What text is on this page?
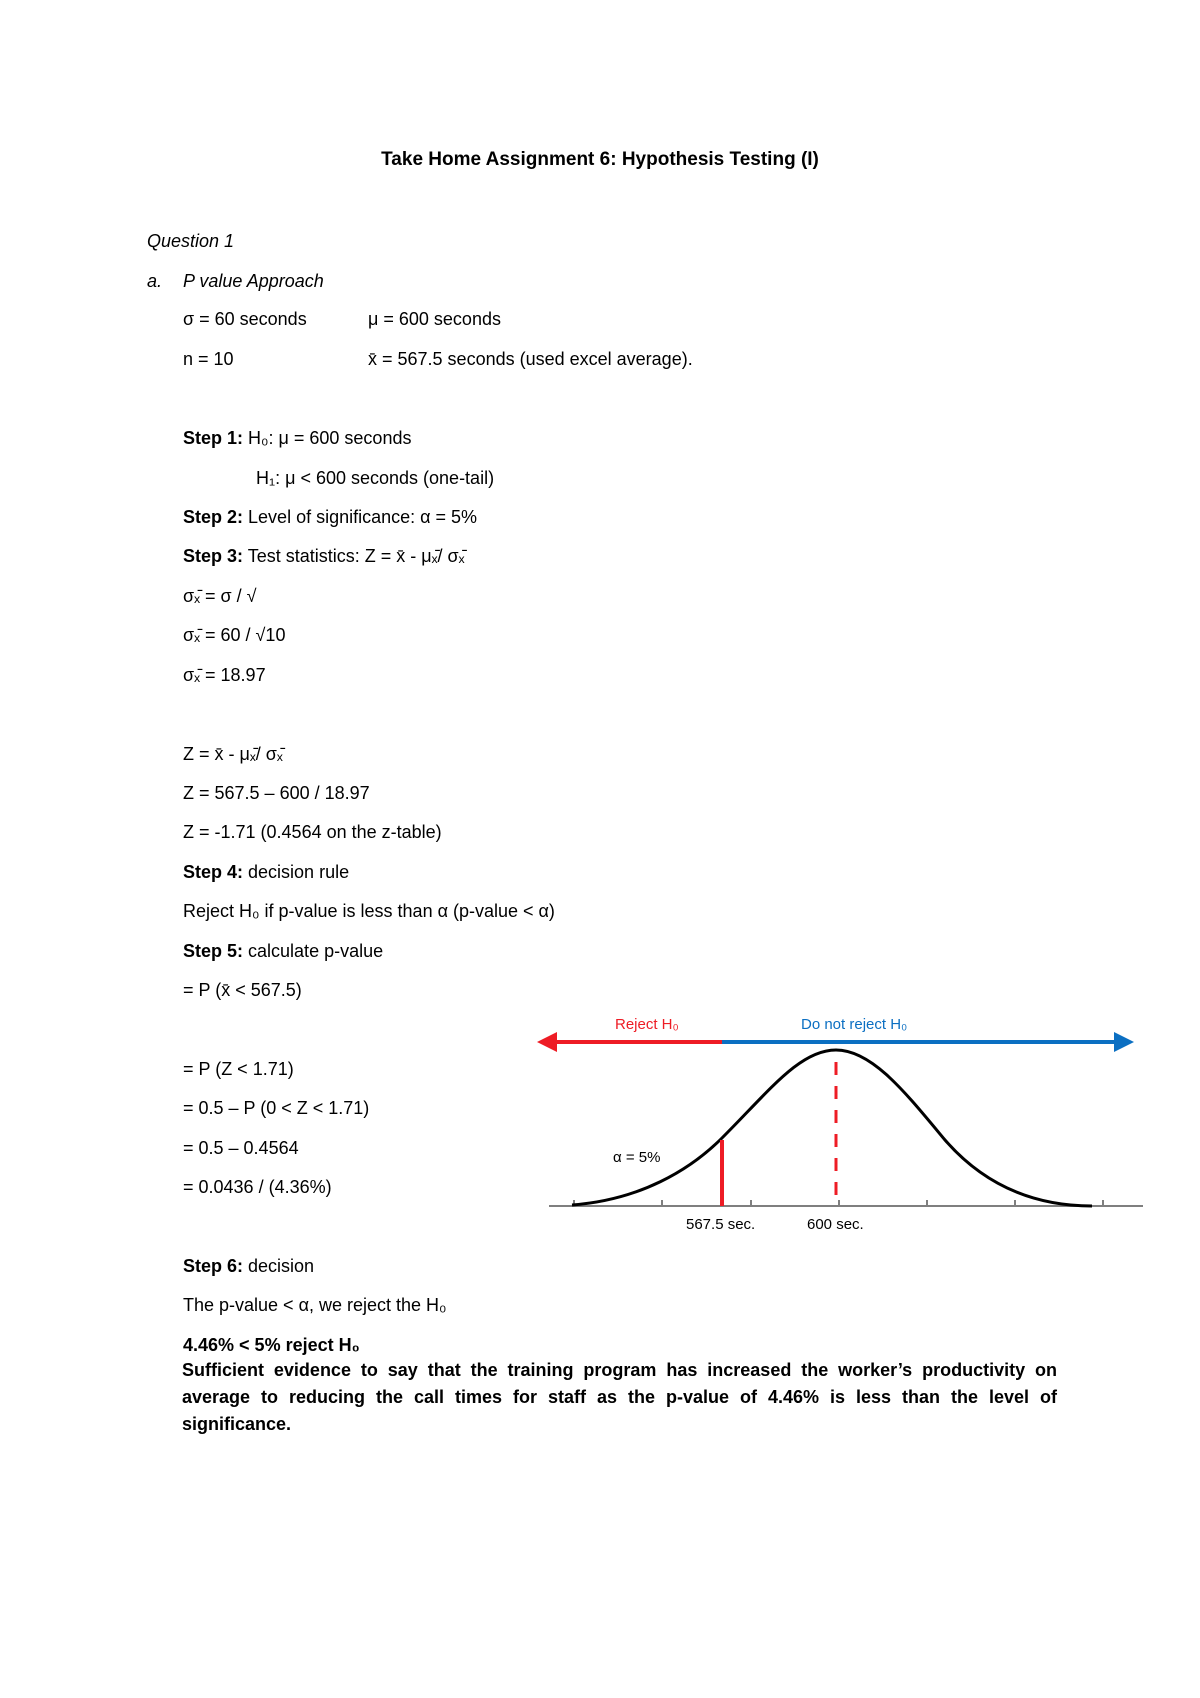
Take Home Assignment 6: Hypothesis Testing (I)
Question 1
a. P value Approach
σ = 60 seconds	μ = 600 seconds
n = 10	x̄ = 567.5 seconds (used excel average).
Step 1: H₀: μ = 600 seconds
H₁: μ < 600 seconds (one-tail)
Step 2: Level of significance: α = 5%
Step 3: Test statistics: Z = x̄ - μₓ̄/ σₓ̄
σₓ̄ = σ / √
σₓ̄ = 60 / √10
σₓ̄ = 18.97
Z = x̄ - μₓ̄/ σₓ̄
Z = 567.5 – 600 / 18.97
Z = -1.71 (0.4564 on the z-table)
Step 4: decision rule
Reject H₀ if p-value is less than α (p-value < α)
Step 5: calculate p-value
= P (x̄ < 567.5)
= P (Z < 1.71)
= 0.5 – P (0 < Z < 1.71)
= 0.5 – 0.4564
= 0.0436 / (4.36%)
Step 6: decision
The p-value < α, we reject the H₀
4.46% < 5% reject H₀
Sufficient evidence to say that the training program has increased the worker’s productivity on average to reducing the call times for staff as the p-value of 4.46% is less than the level of significance.
Reject H₀	Do not reject H₀
α = 5%
567.5 sec.	600 sec.
